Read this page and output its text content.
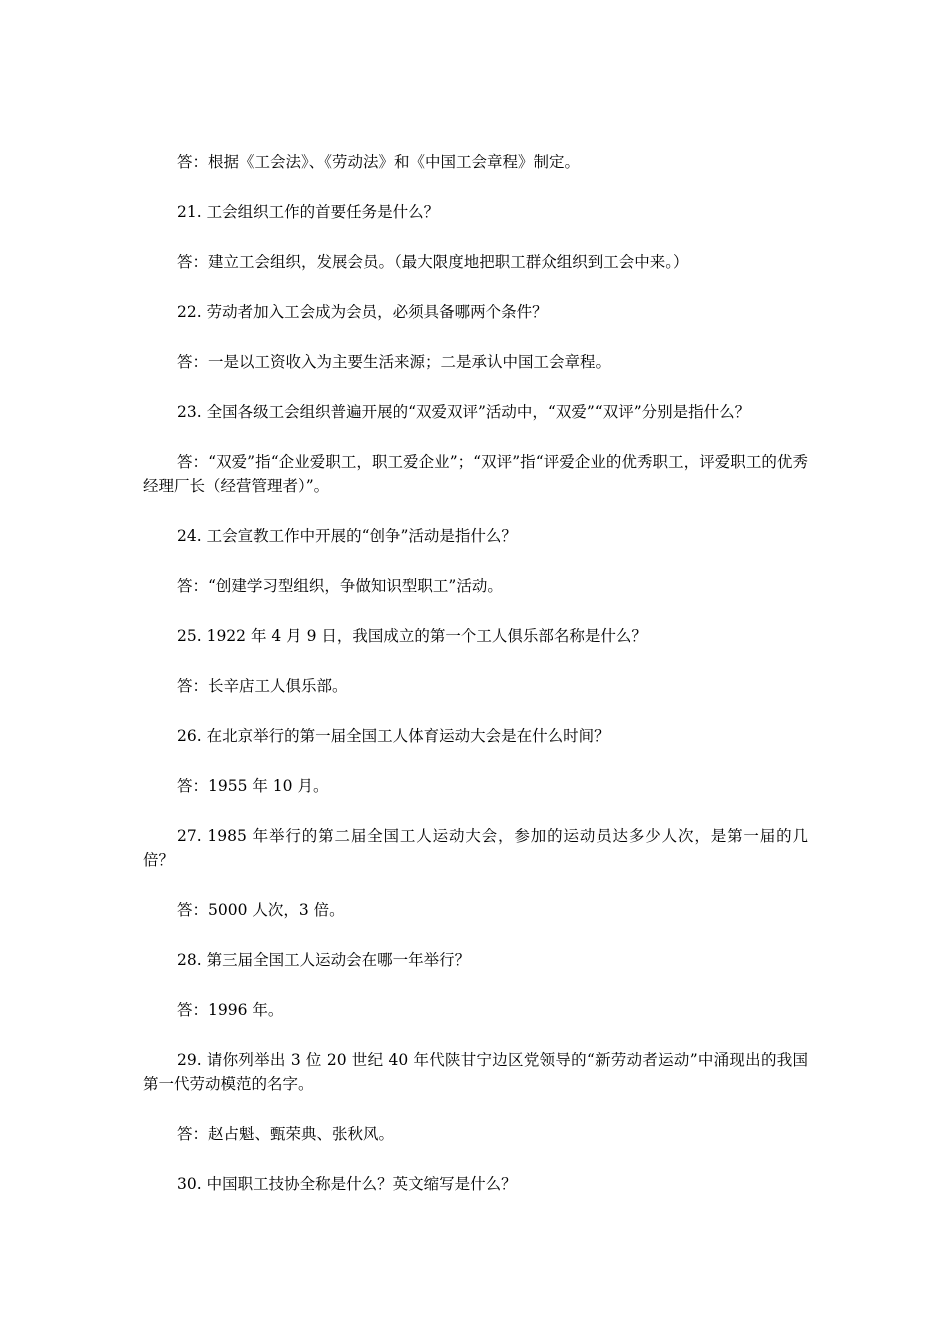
答：根据《工会法》、《劳动法》和《中国工会章程》制定。

21. 工会组织工作的首要任务是什么？

答：建立工会组织，发展会员。（最大限度地把职工群众组织到工会中来。）

22. 劳动者加入工会成为会员，必须具备哪两个条件？

答：一是以工资收入为主要生活来源；二是承认中国工会章程。

23. 全国各级工会组织普遍开展的“双爱双评”活动中，“双爱”“双评”分别是指什么？

答：“双爱”指“企业爱职工，职工爱企业”；“双评”指“评爱企业的优秀职工，评爱职工的优秀经理厂长（经营管理者）”。

24. 工会宣教工作中开展的“创争”活动是指什么？

答：“创建学习型组织，争做知识型职工”活动。

25. 1922 年 4 月 9 日，我国成立的第一个工人俱乐部名称是什么？

答：长辛店工人俱乐部。

26. 在北京举行的第一届全国工人体育运动大会是在什么时间？

答：1955 年 10 月。

27. 1985 年举行的第二届全国工人运动大会，参加的运动员达多少人次，是第一届的几倍？

答：5000 人次，3 倍。

28. 第三届全国工人运动会在哪一年举行？

答：1996 年。

29. 请你列举出 3 位 20 世纪 40 年代陕甘宁边区党领导的“新劳动者运动”中涌现出的我国第一代劳动模范的名字。

答：赵占魁、甄荣典、张秋风。

30. 中国职工技协全称是什么？英文缩写是什么？
